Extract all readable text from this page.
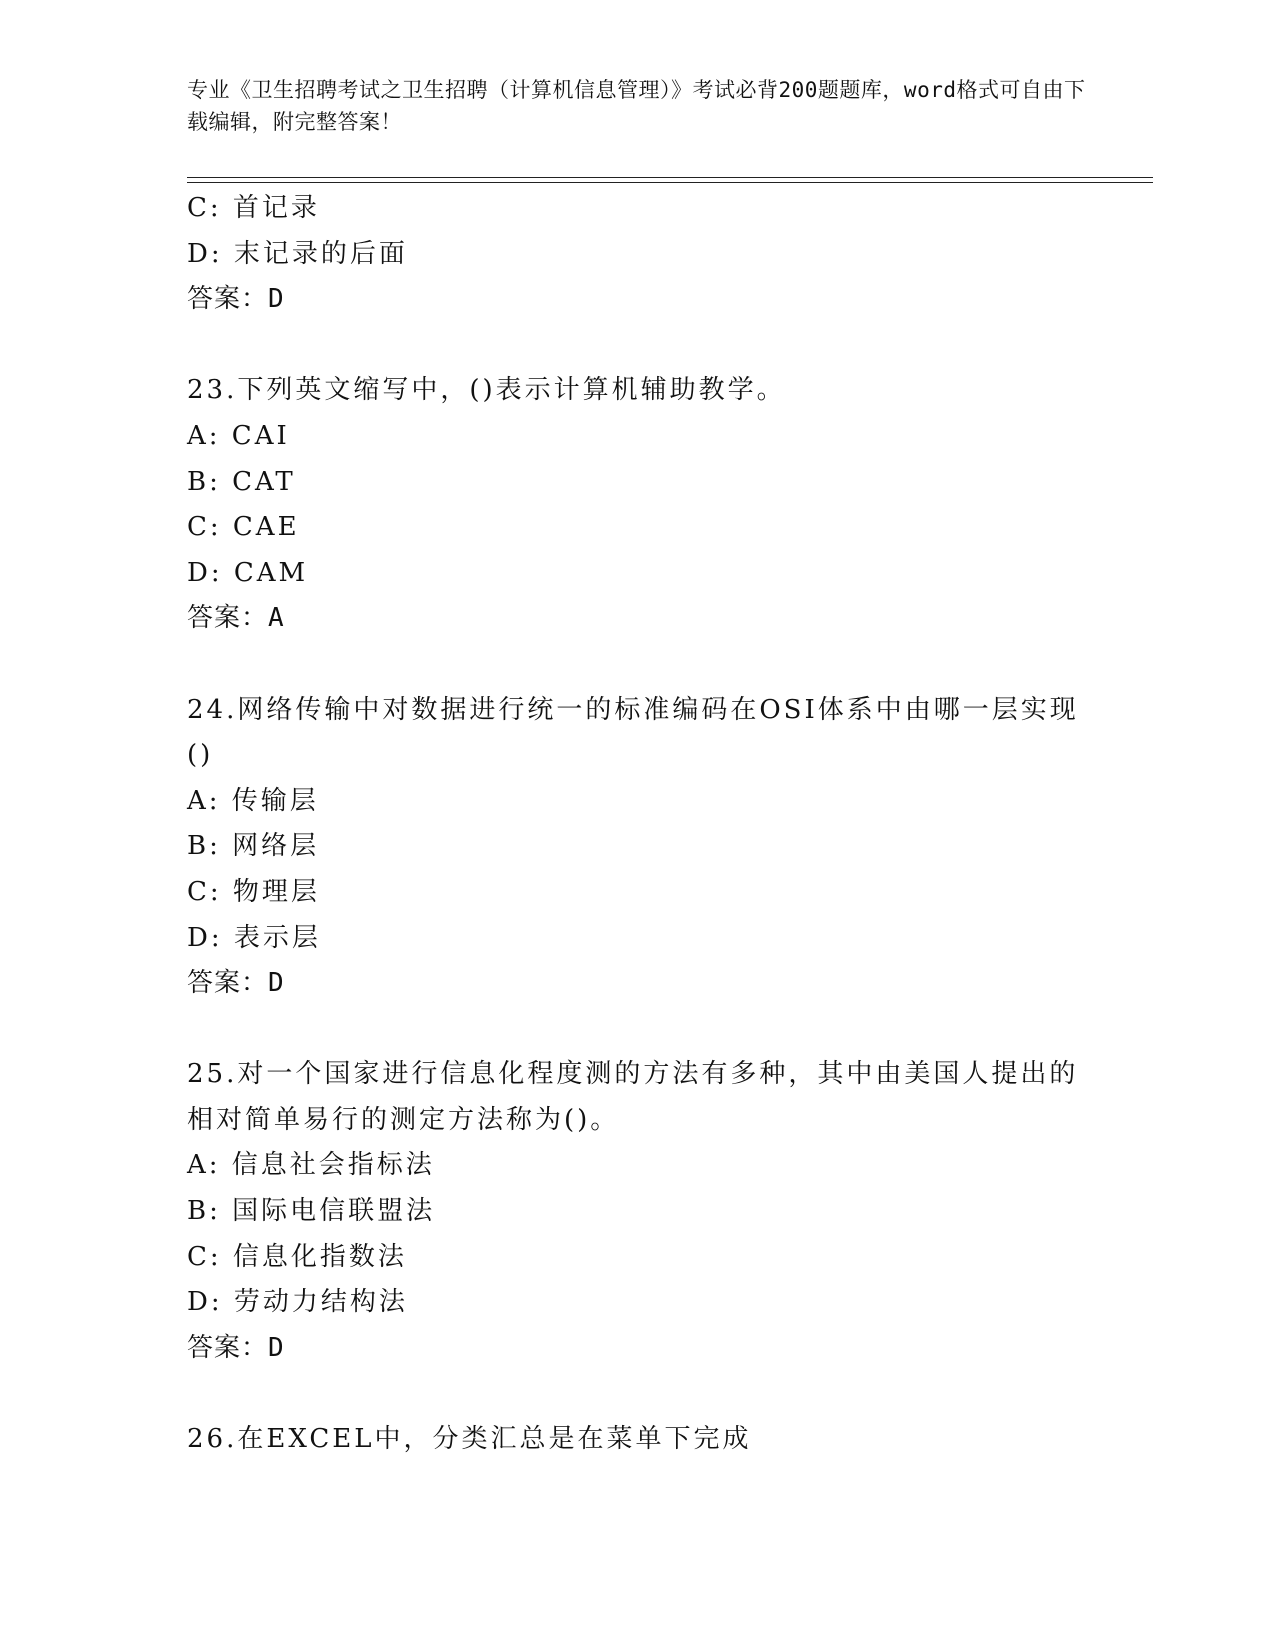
专业《卫生招聘考试之卫生招聘（计算机信息管理）》考试必背200题题库，word格式可自由下载编辑，附完整答案！
C: 首记录
D: 末记录的后面
答案：D
23.下列英文缩写中，()表示计算机辅助教学。
A: CAI
B: CAT
C: CAE
D: CAM
答案：A
24.网络传输中对数据进行统一的标准编码在OSI体系中由哪一层实现
()
A: 传输层
B: 网络层
C: 物理层
D: 表示层
答案：D
25.对一个国家进行信息化程度测的方法有多种，其中由美国人提出的
相对简单易行的测定方法称为()。
A: 信息社会指标法
B: 国际电信联盟法
C: 信息化指数法
D: 劳动力结构法
答案：D
26.在EXCEL中，分类汇总是在菜单下完成
